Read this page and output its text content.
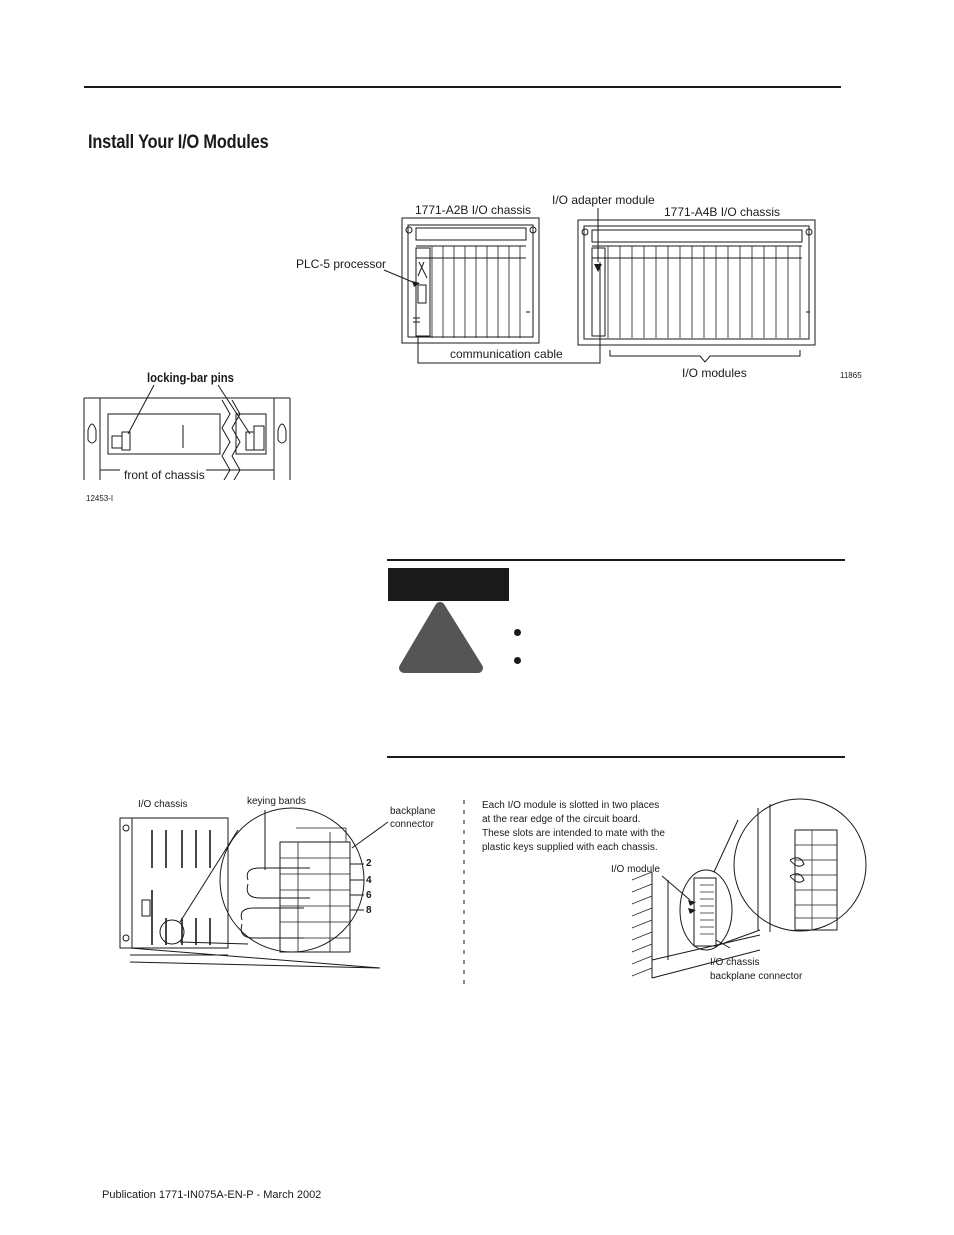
Install Your I/O Modules
1771-A2B I/O chassis
I/O adapter module
1771-A4B I/O chassis
PLC-5 processor
communication cable
I/O modules	11865
locking-bar pins
front of chassis
12453-I
I/O chassis	keying bands
backplane
connector
2
4
6
8
Each I/O module is slotted in two places
at the rear edge of the circuit board.
These slots are intended to mate with the
plastic keys supplied with each chassis.
I/O module
I/O chassis
backplane connector
Publication 1771-IN075A-EN-P - March 2002
